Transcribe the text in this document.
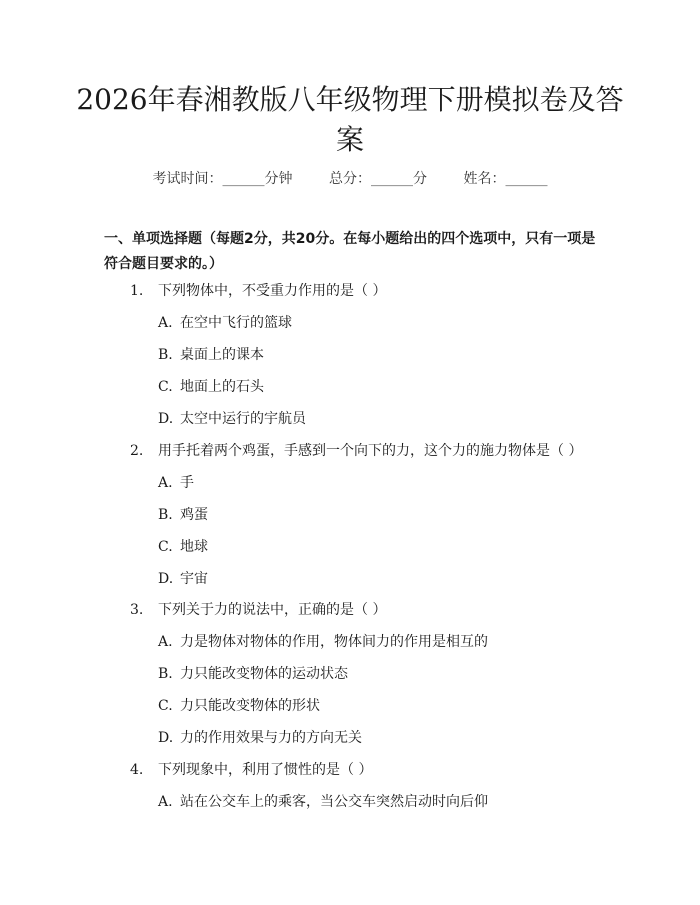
2026年春湘教版八年级物理下册模拟卷及答
案
考试时间：______分钟	总分：______分	姓名：______

一、单项选择题（每题2分，共20分。在每小题给出的四个选项中，只有一项是
符合题目要求的。）

1. 下列物体中，不受重力作用的是（ ）
A. 在空中飞行的篮球
B. 桌面上的课本
C. 地面上的石头
D. 太空中运行的宇航员
2. 用手托着两个鸡蛋，手感到一个向下的力，这个力的施力物体是（ ）
A. 手
B. 鸡蛋
C. 地球
D. 宇宙
3. 下列关于力的说法中，正确的是（ ）
A. 力是物体对物体的作用，物体间力的作用是相互的
B. 力只能改变物体的运动状态
C. 力只能改变物体的形状
D. 力的作用效果与力的方向无关
4. 下列现象中，利用了惯性的是（ ）
A. 站在公交车上的乘客，当公交车突然启动时向后仰
